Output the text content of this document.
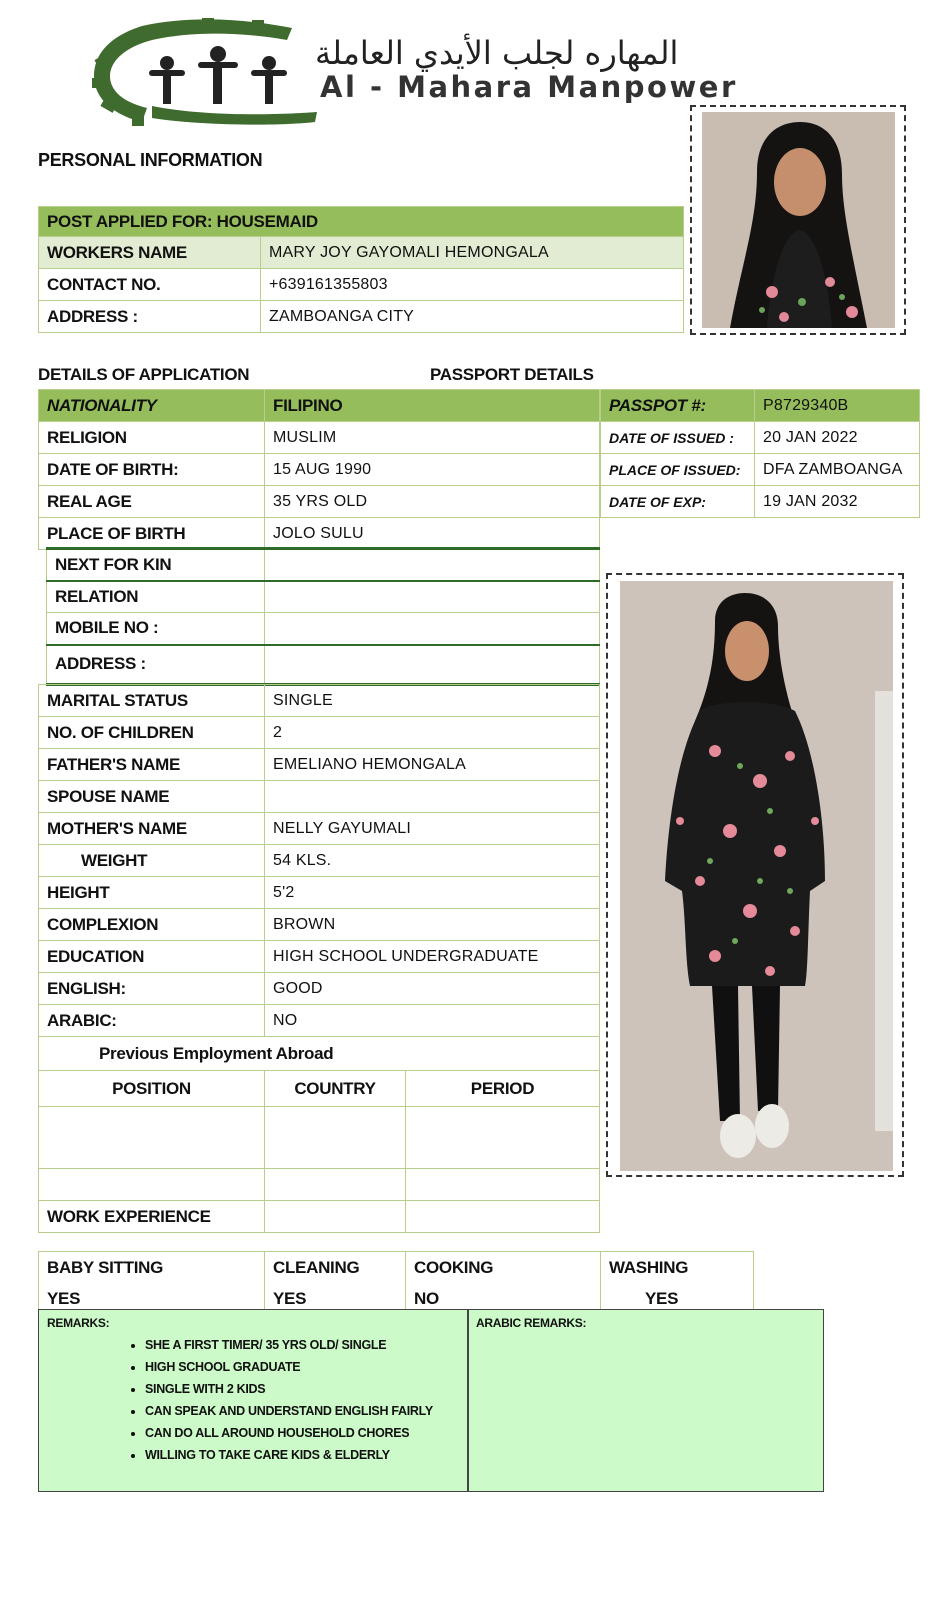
المهاره لجلب الأيدي العاملة
Al - Mahara Manpower
PERSONAL INFORMATION
POST APPLIED FOR: HOUSEMAID	
WORKERS NAME	MARY JOY GAYOMALI HEMONGALA
CONTACT NO.	+639161355803
ADDRESS :	ZAMBOANGA CITY
DETAILS OF APPLICATION	PASSPORT DETAILS
NATIONALITY	FILIPINO
RELIGION	MUSLIM
DATE OF BIRTH:	15 AUG 1990
REAL AGE	35 YRS OLD
PLACE OF BIRTH	JOLO SULU
PASSPOT #:	P8729340B
DATE OF ISSUED :	20 JAN 2022
PLACE OF ISSUED:	DFA ZAMBOANGA
DATE OF EXP:	19 JAN 2032
NEXT FOR KIN	
RELATION	
MOBILE NO :	
ADDRESS :	
MARITAL STATUS	SINGLE
NO. OF CHILDREN	2
FATHER'S NAME	EMELIANO HEMONGALA
SPOUSE NAME	
MOTHER'S NAME	NELLY GAYUMALI
WEIGHT	54 KLS.
HEIGHT	5'2
COMPLEXION	BROWN
EDUCATION	HIGH SCHOOL UNDERGRADUATE
ENGLISH:	GOOD
ARABIC:	NO
Previous Employment Abroad		
POSITION	COUNTRY	PERIOD

WORK EXPERIENCE		
BABY SITTING	CLEANING	COOKING	WASHING
YES	YES	NO	YES
REMARKS:	ARABIC REMARKS:
• SHE A FIRST TIMER/ 35 YRS OLD/ SINGLE
• HIGH SCHOOL GRADUATE
• SINGLE WITH 2 KIDS
• CAN SPEAK AND UNDERSTAND ENGLISH FAIRLY
• CAN DO ALL AROUND HOUSEHOLD CHORES
• WILLING TO TAKE CARE KIDS & ELDERLY
